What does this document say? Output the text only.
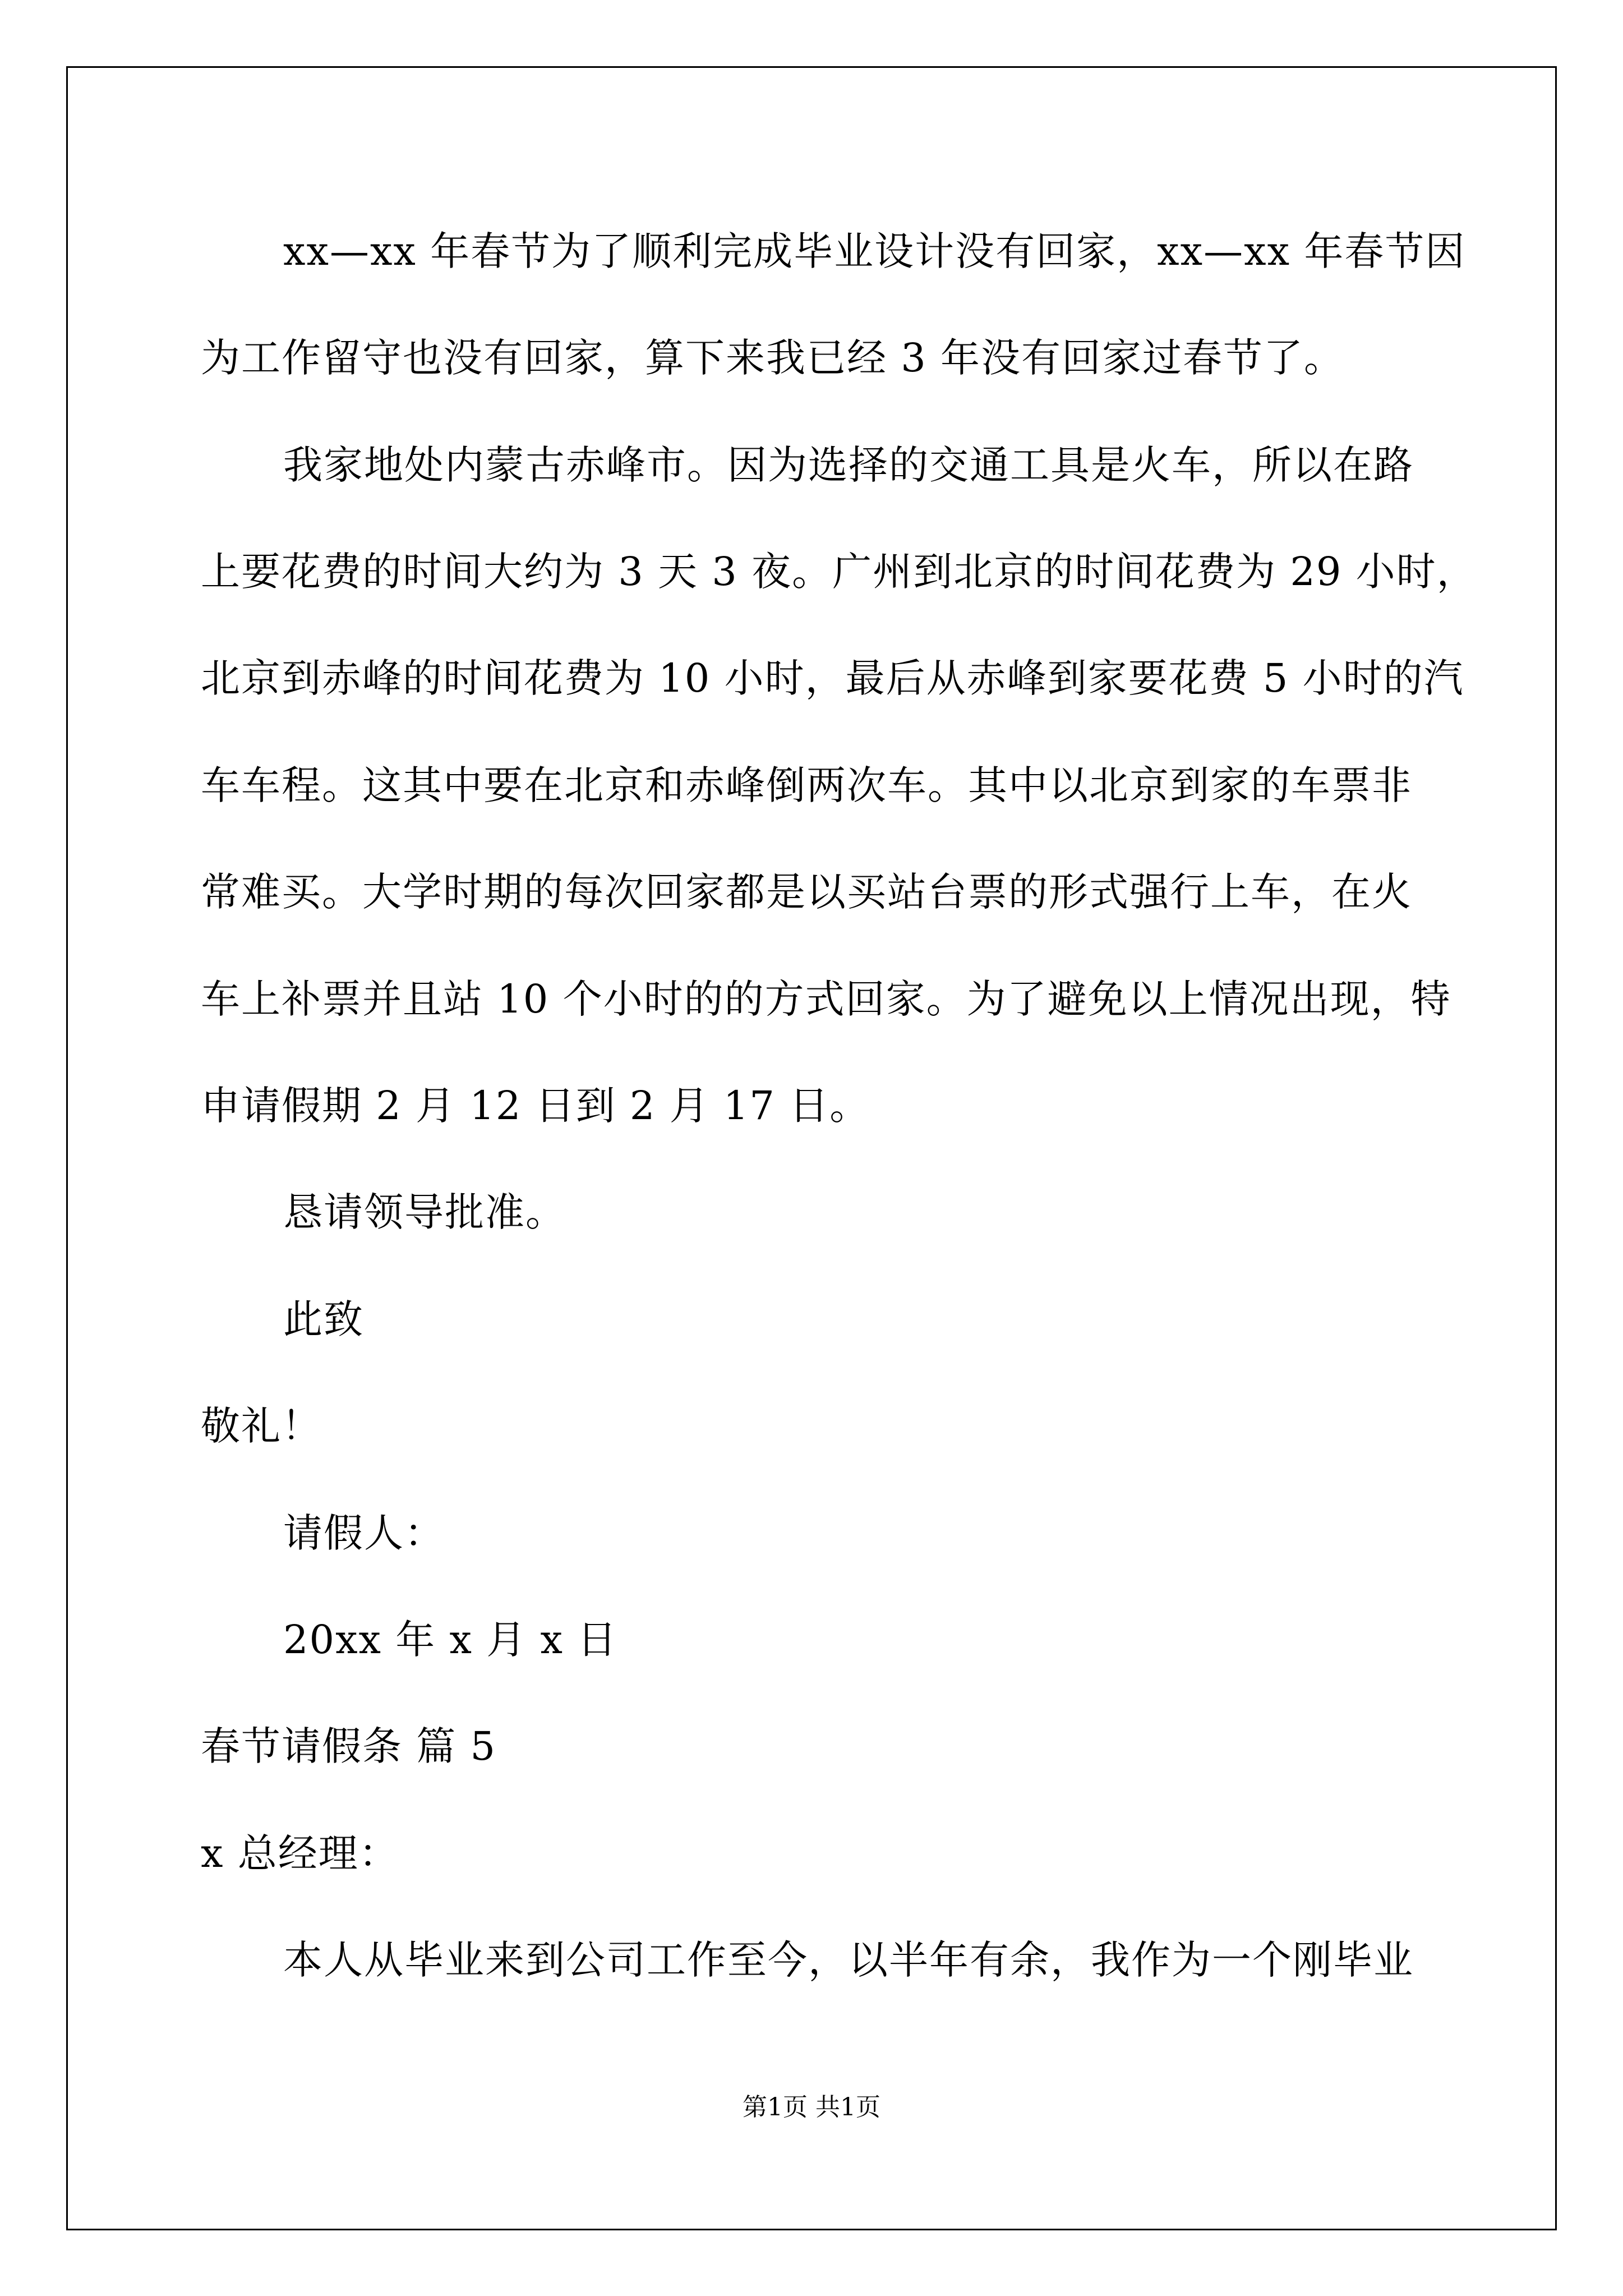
xx—xx 年春节为了顺利完成毕业设计没有回家，xx—xx 年春节因
为工作留守也没有回家，算下来我已经 3 年没有回家过春节了。
我家地处内蒙古赤峰市。因为选择的交通工具是火车，所以在路
上要花费的时间大约为 3 天 3 夜。广州到北京的时间花费为 29 小时，
北京到赤峰的时间花费为 10 小时，最后从赤峰到家要花费 5 小时的汽
车车程。这其中要在北京和赤峰倒两次车。其中以北京到家的车票非
常难买。大学时期的每次回家都是以买站台票的形式强行上车，在火
车上补票并且站 10 个小时的的方式回家。为了避免以上情况出现，特
申请假期 2 月 12 日到 2 月 17 日。
恳请领导批准。
此致
敬礼！
请假人：
20xx 年 x 月 x 日
春节请假条 篇 5
x 总经理：
本人从毕业来到公司工作至今，以半年有余，我作为一个刚毕业
第1页 共1页
